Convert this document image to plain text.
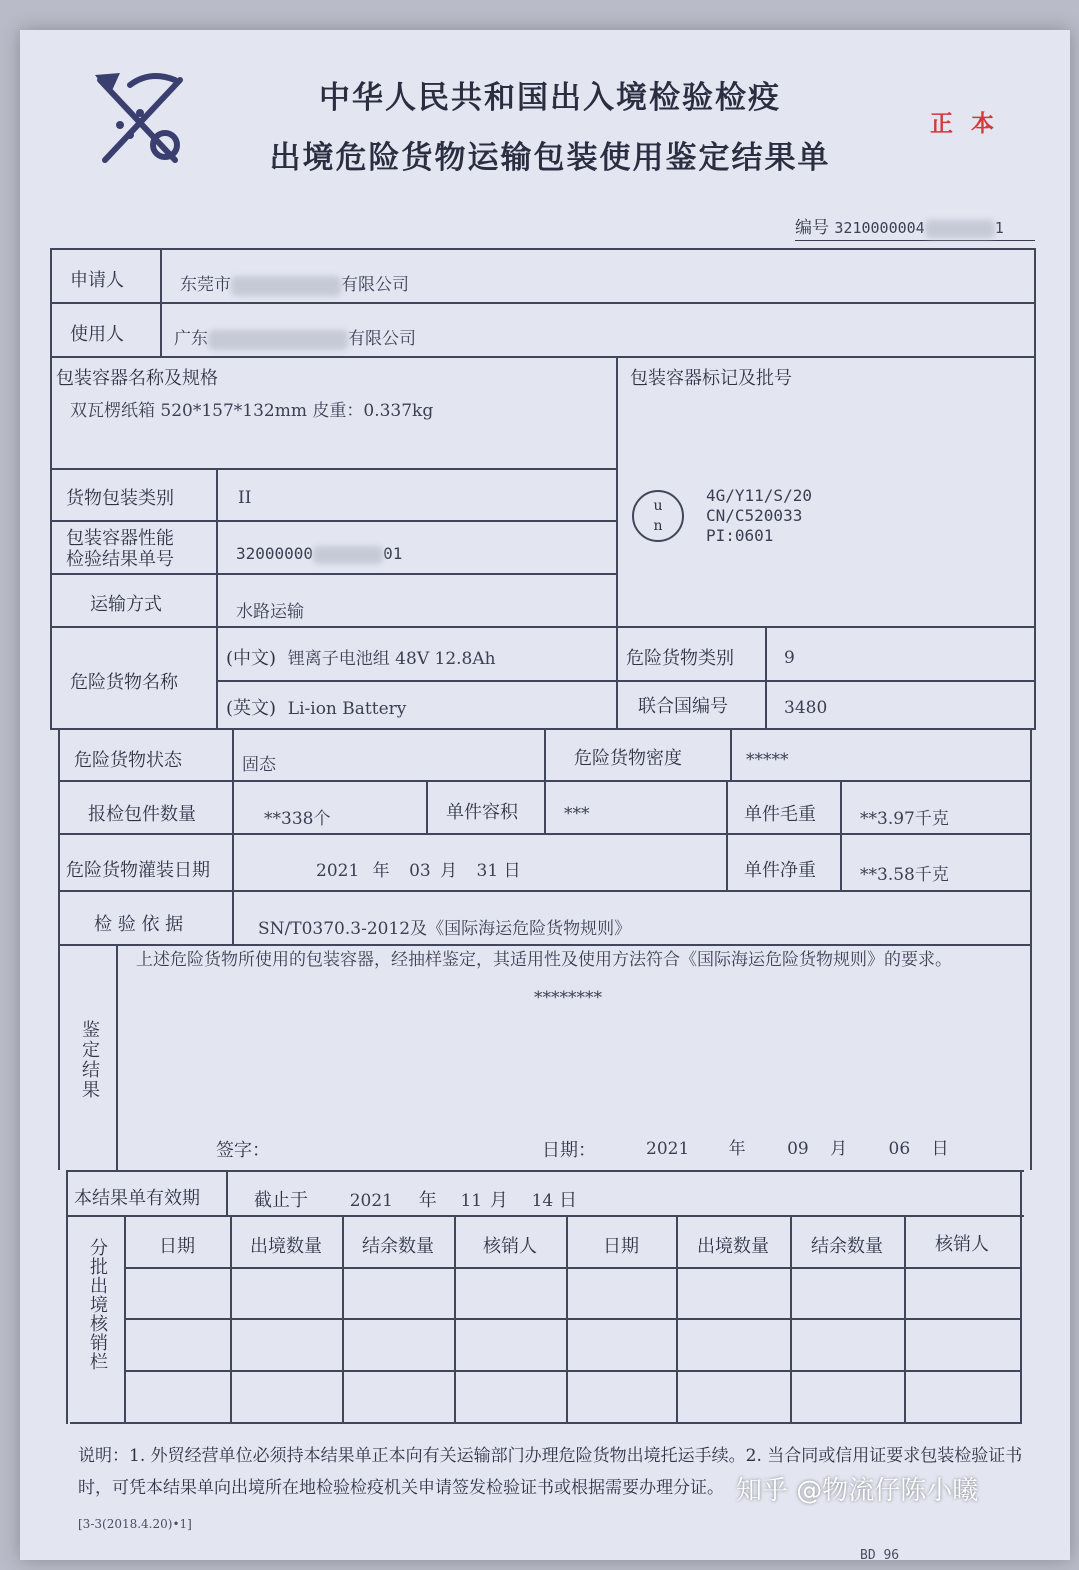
中华人民共和国出入境检验检疫
出境危险货物运输包装使用鉴定结果单
正本
编号 3210000004	1
申请人	东莞市	有限公司
使用人	广东	有限公司
包装容器名称及规格
双瓦楞纸箱 520*157*132mm 皮重：0.337kg
包装容器标记及批号
u
n
4G/Y11/S/20
CN/C520033
PI:0601
货物包装类别	II
包装容器性能
检验结果单号	32000000	01
运输方式	水路运输
危险货物名称
(中文) 锂离子电池组 48V 12.8Ah
(英文) Li-ion Battery
危险货物类别	9
联合国编号	3480
危险货物状态	固态	危险货物密度	*****
报检包件数量	**338个	单件容积	***	单件毛重	**3.97千克
危险货物灌装日期	2021 年 03 月 31 日	单件净重	**3.58千克
检 验 依 据	SN/T0370.3-2012及《国际海运危险货物规则》
鉴定结果
上述危险货物所使用的包装容器，经抽样鉴定，其适用性及使用方法符合《国际海运危险货物规则》的要求。
********
签字：	日期：	2021 年 09 月 06 日
本结果单有效期	截止于 2021 年 11 月 14 日
分批出境核销栏	日期	出境数量	结余数量	核销人	日期	出境数量	结余数量	核销人
说明：1. 外贸经营单位必须持本结果单正本向有关运输部门办理危险货物出境托运手续。2. 当合同或信用证要求包装检验证书时，可凭本结果单向出境所在地检验检疫机关申请签发检验证书或根据需要办理分证。
[3-3(2018.4.20)•1]
BD 96
知乎 @物流仔陈小曦
